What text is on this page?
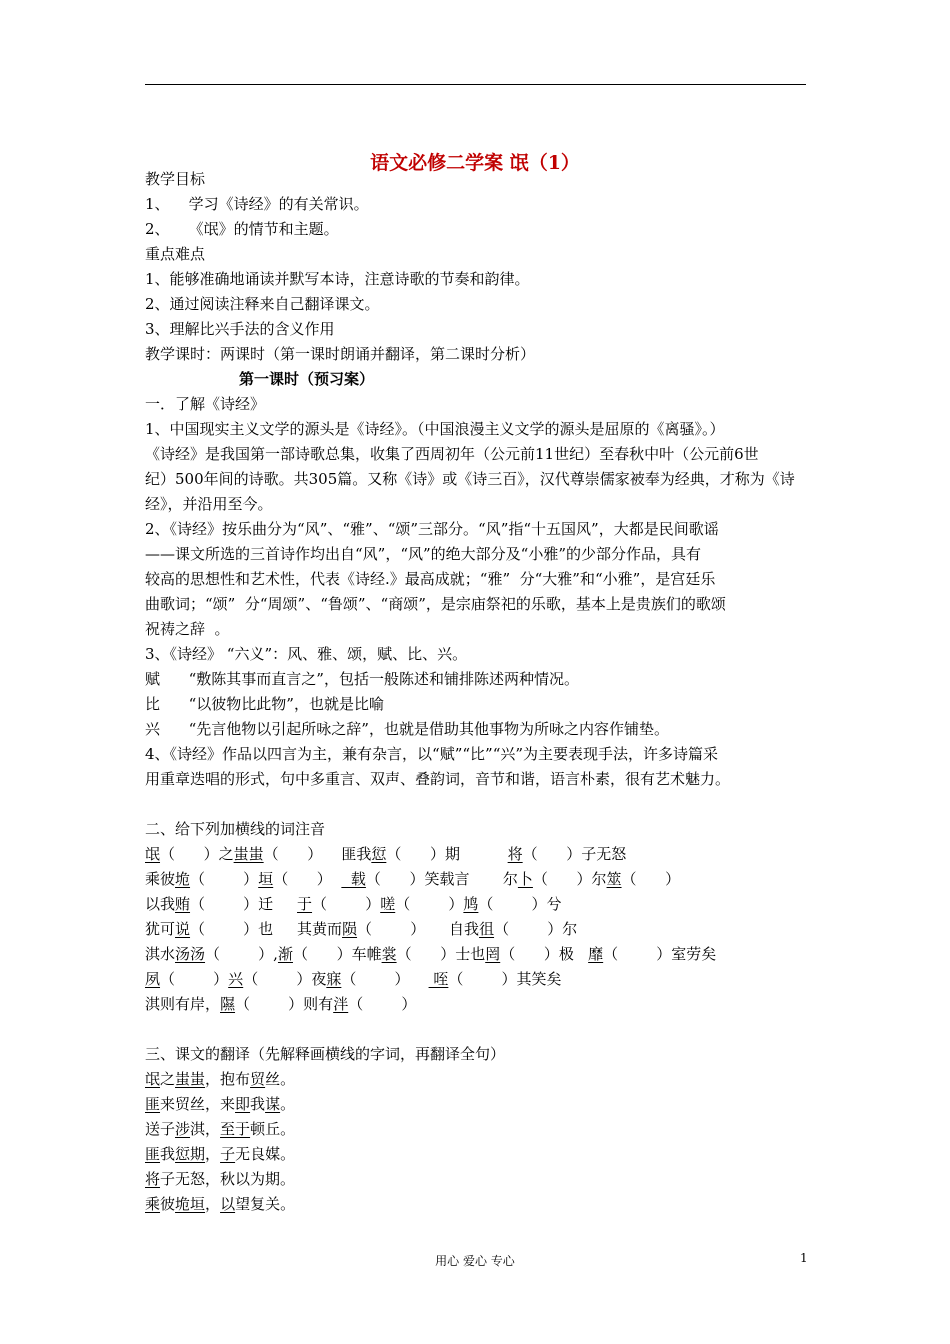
语文必修二学案 氓（1）
教学目标
1、    学习《诗经》的有关常识。
2、    《氓》的情节和主题。
重点难点
1、能够准确地诵读并默写本诗，注意诗歌的节奏和韵律。
2、通过阅读注释来自己翻译课文。
3、理解比兴手法的含义作用
教学课时：两课时（第一课时朗诵并翻译，第二课时分析）
第一课时（预习案）
一．了解《诗经》
1、中国现实主义文学的源头是《诗经》。（中国浪漫主义文学的源头是屈原的《离骚》。）
《诗经》是我国第一部诗歌总集，收集了西周初年（公元前11世纪）至春秋中叶（公元前6世
纪）500年间的诗歌。共305篇。又称《诗》或《诗三百》，汉代尊崇儒家被奉为经典，才称为《诗
经》，并沿用至今。
2、《诗经》按乐曲分为“风”、“雅”、“颂”三部分。“风”指“十五国风”，大都是民间歌谣
——课文所选的三首诗作均出自“风”，“风”的绝大部分及“小雅”的少部分作品，具有
较高的思想性和艺术性，代表《诗经.》最高成就；“雅”  分“大雅”和“小雅”，是宫廷乐
曲歌词；“颂”  分“周颂”、“鲁颂”、“商颂”，是宗庙祭祀的乐歌，基本上是贵族们的歌颂
祝祷之辞  。
3、《诗经》 “六义”：风、雅、颂，赋、比、兴。
赋      “敷陈其事而直言之”，包括一般陈述和铺排陈述两种情况。
比      “以彼物比此物”，也就是比喻
兴      “先言他物以引起所咏之辞”，也就是借助其他事物为所咏之内容作铺垫。
4、《诗经》作品以四言为主，兼有杂言，以“赋”“比”“兴”为主要表现手法，许多诗篇采
用重章迭唱的形式，句中多重言、双声、叠韵词，音节和谐，语言朴素，很有艺术魅力。
二、给下列加横线的词注音
氓（      ）之蚩蚩（      ）    匪我愆（      ）期          将（      ）子无怒
乘彼垝（        ）垣（      ）    载（      ）笑载言       尔卜（      ）尔筮（      ）
以我贿（        ）迁     于（        ）嗟（        ）鸠（        ）兮
犹可说（        ）也     其黄而陨（        ）     自我徂（        ）尔
淇水汤汤（        ）,渐（      ）车帷裳（      ）士也罔（      ）极   靡（        ）室劳矣
夙（        ）兴（        ）夜寐（        ）     咥（        ）其笑矣
淇则有岸，隰（        ）则有泮（        ）
三、课文的翻译（先解释画横线的字词，再翻译全句）
氓之蚩蚩，抱布贸丝。
匪来贸丝，来即我谋。
送子涉淇，至于顿丘。
匪我愆期，子无良媒。
将子无怒，秋以为期。
乘彼垝垣，以望复关。
用心 爱心 专心	1
